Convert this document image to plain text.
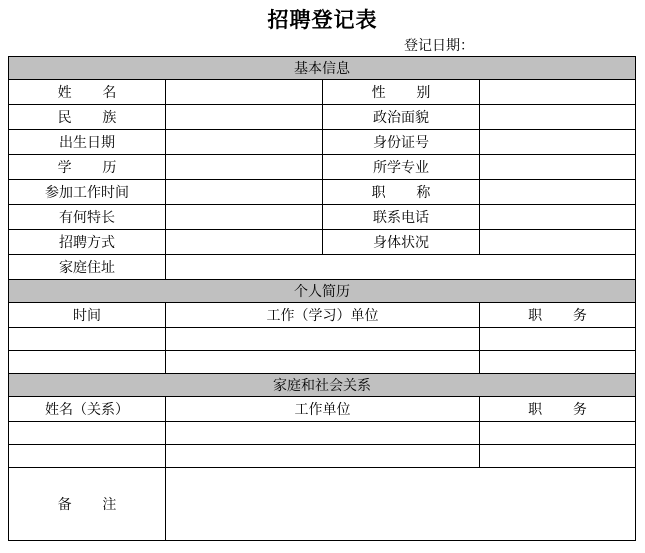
招聘登记表
登记日期：
基本信息			
姓名		性别	
民族		政治面貌	
出生日期		身份证号	
学历		所学专业	
参加工作时间		职称	
有何特长		联系电话	
招聘方式		身体状况	
家庭住址			
个人简历			
时间	工作（学习）单位		职务

家庭和社会关系			
姓名（关系）	工作单位		职务

备注			
